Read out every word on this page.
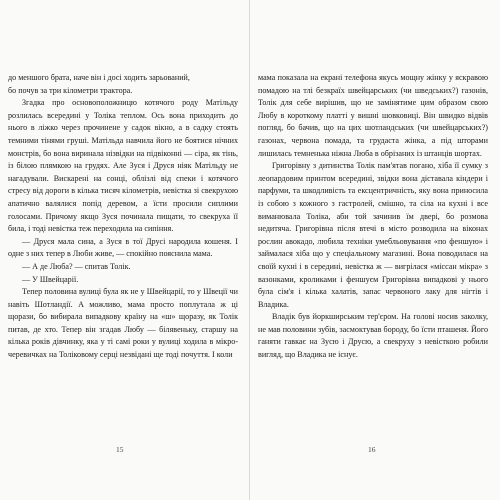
до меншого брата, наче він і досі ходить зарьований,

бо почув за три кілометри трактора.

Згадка про основоположницю котячого роду Матільду розлилась всередині у Толіка теплом. Ось вона приходить до нього в ліжко через прочинене у садок вікно, а в садку стоять темними тінями груші. Матільда навчила його не боятися нічних монстрів, бо вона виринала нізвідки на підвіконні — сіра, як тінь, із білою плямкою на грудях. Але Зуся і Друся ніяк Матільду не нагадували. Вискарені на сонці, облізлі від спеки і котячого стресу від дороги в кілька тисяч кілометрів, невістка зі свекрухою апатично валялися попід деревом, а їсти просили сиплими голосами. Причому якщо Зуся починала пищати, то свекруха її била, і тоді невістка теж переходила на сипіння.

— Друся мала сина, а Зуся в тої Друсі народила кошеня. І одне з них тепер в Люби живе, — спокійно пояснила мама.

— А де Люба? — спитав Толік.

— У Швейцарії.

Тепер половина вулиці була як не у Швейцарії, то у Швеції чи навіть Шотландії. А можливо, мама просто поплутала ж ці щорази, бо вибирала випадкову країну на «ш» щоразу, як Толік питав, де хто. Тепер він згадав Любу — білявеньку, старшу на кілька років дівчинку, яка у ті самі роки у вулиці ходила в мікро-черевичках на Толіковому серці незвідані ще тоді почуття. І коли

мама показала на екрані телефона якусь мощну жінку у яскравою помадою на тлі безкраїх швейцарських (чи шведських?) газонів, Толік для себе вирішив, що не замінятиме цим образом свою Любу в короткому платті у вишні шовковиці. Він швидко відвів погляд, бо бачив, що на цих шотландських (чи швейцарських?) газонах, червона помада, та грудаста жінка, а під шторами лишилась темненька ніжна Люба в обрізаних із штанців шортах.

Григорівну з дитинства Толік пам'ятав погано, хіба її сумку з леопардовим принтом всередині, звідки вона діставала кіндери і парфуми, та шкодливість та ексцентричність, яку вона приносила із собою з кожного з гастролей, смішно, та сіла на кухні і все виманювала Толіка, аби той зачинив їм двері, бо розмова недитяча. Григорівна після втечі в місто розводила на віконах рослин авокадо, любила техніки умебльовування «по феншую» і займалася хіба що у спеціальному магазині. Вона поводилася на своїй кухні і в середині, невістка ж — вигрілася «міссан мікра» з вазонками, кроликами і феншуєм Григорівна випадкові у нього була сім'я і кілька халатів, запас червоного лаку для нігтів і Владика.

Владік був йоркширським тер'єром. На голові носив заколку, не мав половини зубів, засмоктував бороду, бо їсти пташеня. Його ганяти гавкає на Зусю і Друсю, а свекруху з невісткою робили вигляд, що Владика не існує.

15	16
